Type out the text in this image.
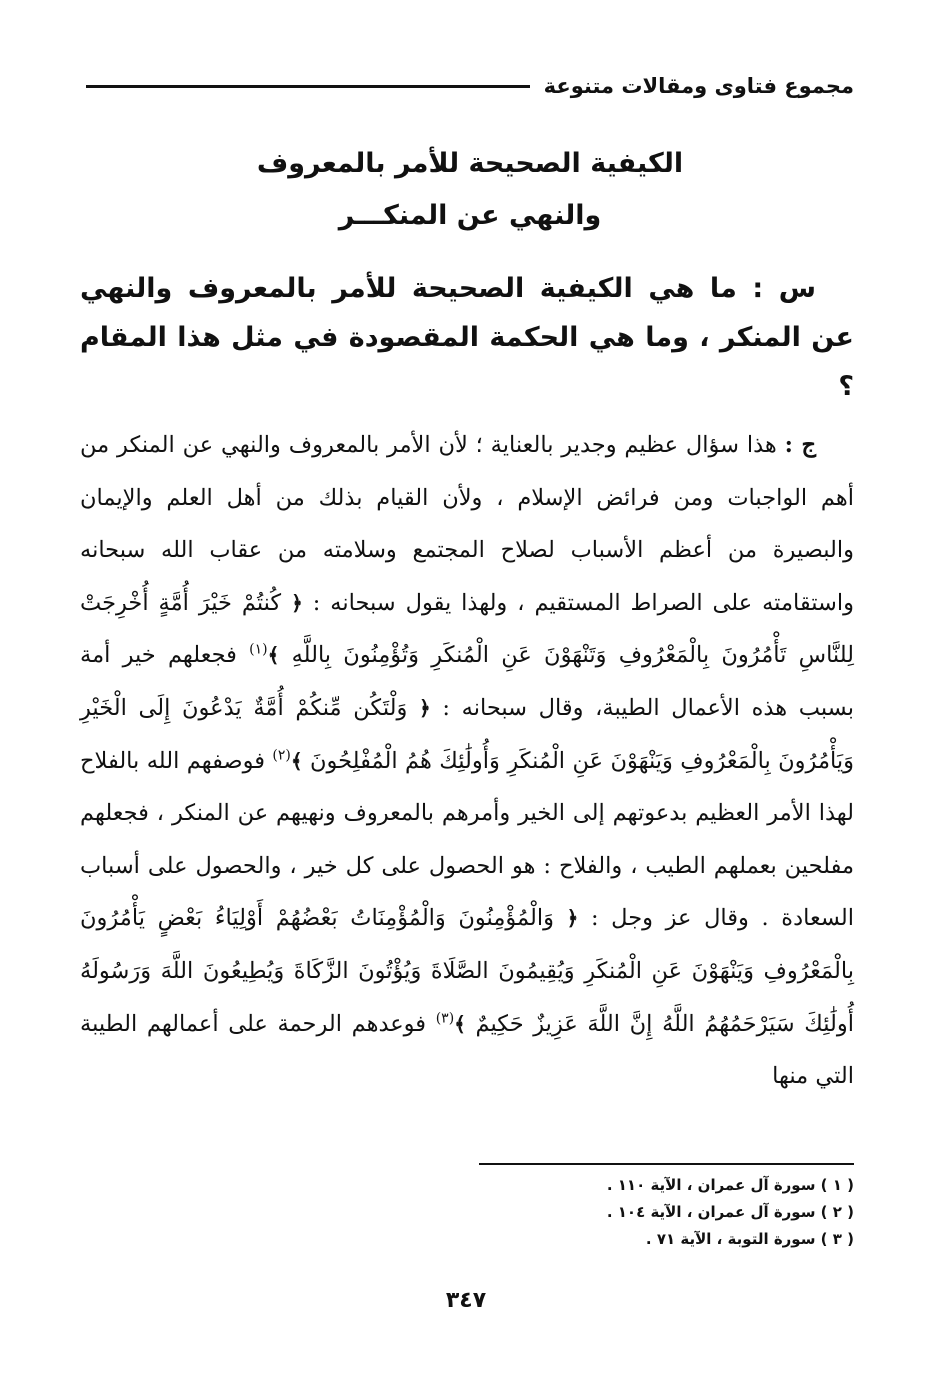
مجموع فتاوى ومقالات متنوعة
الكيفية الصحيحة للأمر بالمعروف
والنهي عن المنكـــر

س : ما هي الكيفية الصحيحة للأمر بالمعروف والنهي عن المنكر ، وما هي الحكمة المقصودة في مثل هذا المقام ؟

ج : هذا سؤال عظيم وجدير بالعناية ؛ لأن الأمر بالمعروف والنهي عن المنكر من أهم الواجبات ومن فرائض الإسلام ، ولأن القيام بذلك من أهل العلم والإيمان والبصيرة من أعظم الأسباب لصلاح المجتمع وسلامته من عقاب الله سبحانه واستقامته على الصراط المستقيم ، ولهذا يقول سبحانه : ﴿ كُنتُمْ خَيْرَ أُمَّةٍ أُخْرِجَتْ لِلنَّاسِ تَأْمُرُونَ بِالْمَعْرُوفِ وَتَنْهَوْنَ عَنِ الْمُنكَرِ وَتُؤْمِنُونَ بِاللَّهِ ﴾$^{(١)}$ فجعلهم خير أمة بسبب هذه الأعمال الطيبة، وقال سبحانه : ﴿ وَلْتَكُن مِّنكُمْ أُمَّةٌ يَدْعُونَ إِلَى الْخَيْرِ وَيَأْمُرُونَ بِالْمَعْرُوفِ وَيَنْهَوْنَ عَنِ الْمُنكَرِ وَأُولَٰئِكَ هُمُ الْمُفْلِحُونَ ﴾$^{(٢)}$ فوصفهم الله بالفلاح لهذا الأمر العظيم بدعوتهم إلى الخير وأمرهم بالمعروف ونهيهم عن المنكر ، فجعلهم مفلحين بعملهم الطيب ، والفلاح : هو الحصول على كل خير ، والحصول على أسباب السعادة . وقال عز وجل : ﴿ وَالْمُؤْمِنُونَ وَالْمُؤْمِنَاتُ بَعْضُهُمْ أَوْلِيَاءُ بَعْضٍ يَأْمُرُونَ بِالْمَعْرُوفِ وَيَنْهَوْنَ عَنِ الْمُنكَرِ وَيُقِيمُونَ الصَّلَاةَ وَيُؤْتُونَ الزَّكَاةَ وَيُطِيعُونَ اللَّهَ وَرَسُولَهُ أُولَٰئِكَ سَيَرْحَمُهُمُ اللَّهُ إِنَّ اللَّهَ عَزِيزٌ حَكِيمٌ ﴾$^{(٣)}$ فوعدهم الرحمة على أعمالهم الطيبة التي منها

( ١ ) سورة آل عمران ، الآية ١١٠ .
( ٢ ) سورة آل عمران ، الآية ١٠٤ .
( ٣ ) سورة التوبة ، الآية ٧١ .
٣٤٧
